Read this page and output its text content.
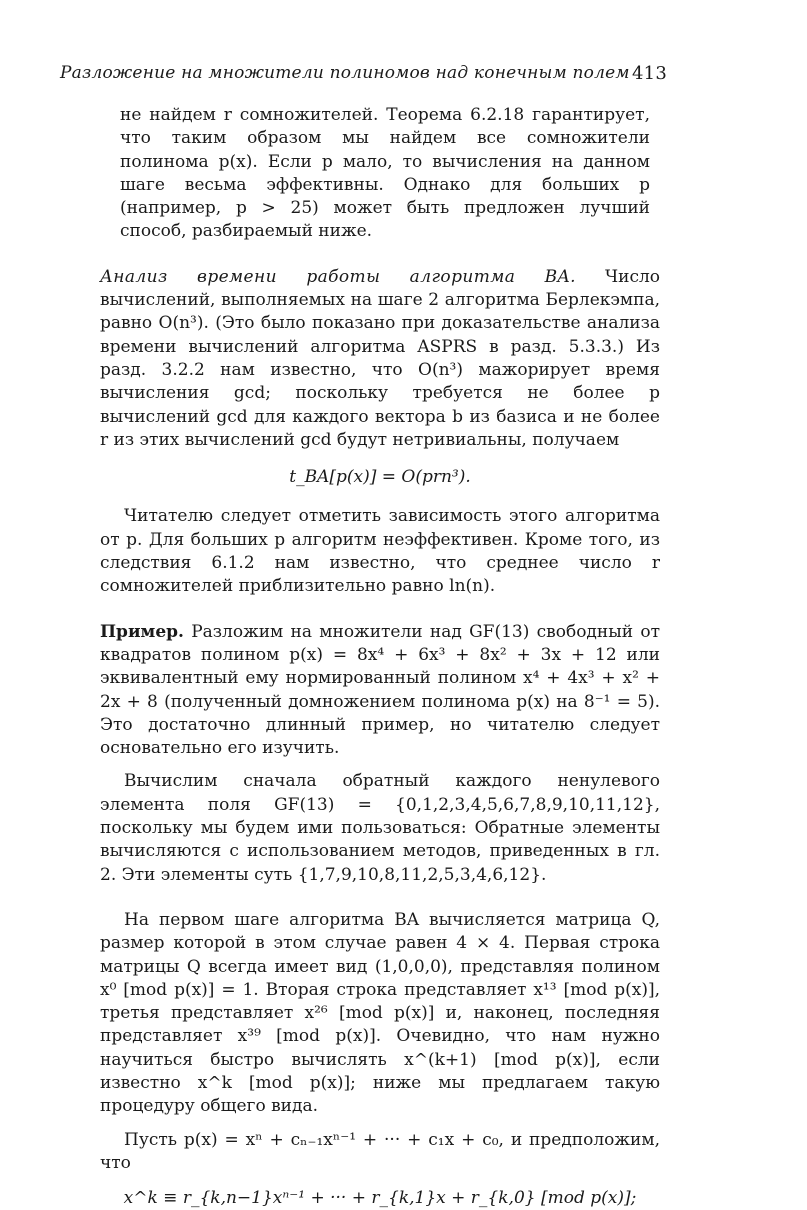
Разложение на множители полиномов над конечным полем 413

не найдем r сомножителей. Теорема 6.2.18 гарантирует, что таким образом мы найдем все сомножители полинома p(x). Если p мало, то вычисления на данном шаге весьма эффективны. Однако для больших p (например, p > 25) может быть предложен лучший способ, разбираемый ниже.

Анализ времени работы алгоритма BA. Число вычислений, выполняемых на шаге 2 алгоритма Берлекэмпа, равно O(n³). (Это было показано при доказательстве анализа времени вычислений алгоритма ASPRS в разд. 5.3.3.) Из разд. 3.2.2 нам известно, что O(n³) мажорирует время вычисления gcd; поскольку требуется не более p вычислений gcd для каждого вектора b из базиса и не более r из этих вычислений gcd будут нетривиальны, получаем

t_BA[p(x)] = O(prn³).

Читателю следует отметить зависимость этого алгоритма от p. Для больших p алгоритм неэффективен. Кроме того, из следствия 6.1.2 нам известно, что среднее число r сомножителей приблизительно равно ln(n).

Пример. Разложим на множители над GF(13) свободный от квадратов полином p(x) = 8x⁴ + 6x³ + 8x² + 3x + 12 или эквивалентный ему нормированный полином x⁴ + 4x³ + x² + 2x + 8 (полученный домножением полинома p(x) на 8⁻¹ = 5). Это достаточно длинный пример, но читателю следует основательно его изучить.

Вычислим сначала обратный каждого ненулевого элемента поля GF(13) = {0,1,2,3,4,5,6,7,8,9,10,11,12}, поскольку мы будем ими пользоваться: Обратные элементы вычисляются с использованием методов, приведенных в гл. 2. Эти элементы суть {1,7,9,10,8,11,2,5,3,4,6,12}.

На первом шаге алгоритма BA вычисляется матрица Q, размер которой в этом случае равен 4 × 4. Первая строка матрицы Q всегда имеет вид (1,0,0,0), представляя полином x⁰ [mod p(x)] = 1. Вторая строка представляет x¹³ [mod p(x)], третья представляет x²⁶ [mod p(x)] и, наконец, последняя представляет x³⁹ [mod p(x)]. Очевидно, что нам нужно научиться быстро вычислять x^(k+1) [mod p(x)], если известно x^k [mod p(x)]; ниже мы предлагаем такую процедуру общего вида.

Пусть p(x) = xⁿ + cₙ₋₁xⁿ⁻¹ + ··· + c₁x + c₀, и предположим, что

x^k ≡ r_{k,n−1}xⁿ⁻¹ + ··· + r_{k,1}x + r_{k,0} [mod p(x)];
